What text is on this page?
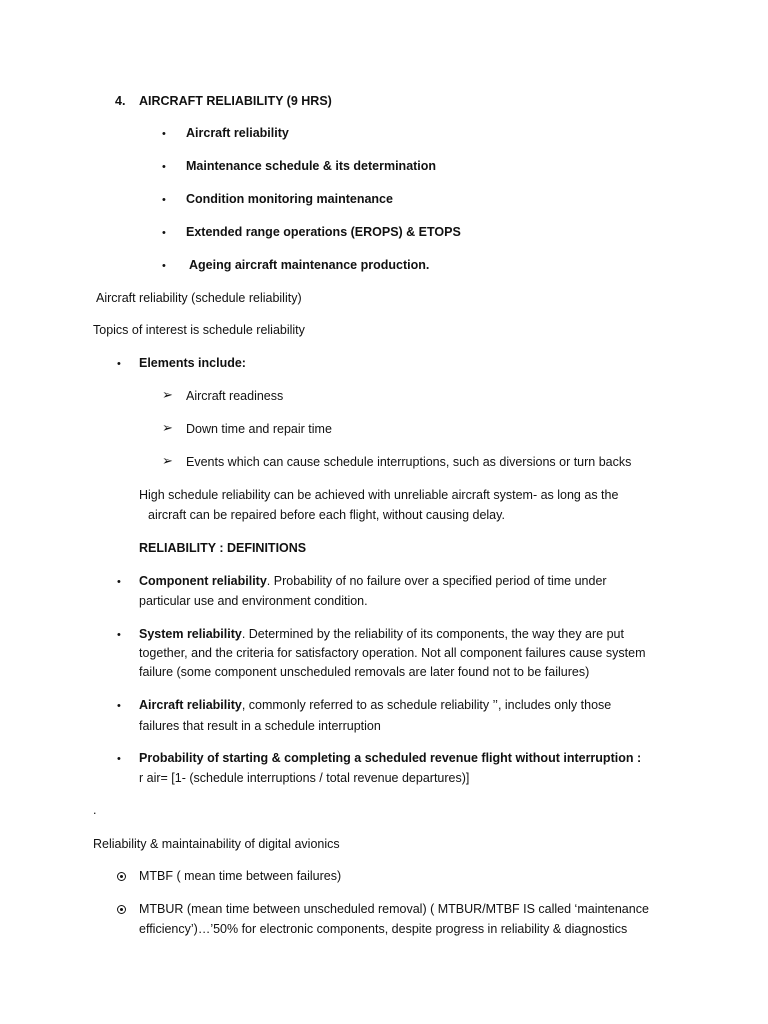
4. AIRCRAFT RELIABILITY (9 HRS)
• Aircraft reliability
• Maintenance schedule & its determination
• Condition monitoring maintenance
• Extended range operations (EROPS) & ETOPS
• Ageing aircraft maintenance production.
Aircraft reliability (schedule reliability)
Topics of interest is schedule reliability
• Elements include:
➢ Aircraft readiness
➢ Down time and repair time
➢ Events which can cause schedule interruptions, such as diversions or turn backs
High schedule reliability can be achieved with unreliable aircraft system- as long as the
aircraft can be repaired before each flight, without causing delay.
RELIABILITY : DEFINITIONS
• Component reliability. Probability of no failure over a specified period of time under
particular use and environment condition.
• System reliability. Determined by the reliability of its components, the way they are put
together, and the criteria for satisfactory operation. Not all component failures cause system
failure (some component unscheduled removals are later found not to be failures)
• Aircraft reliability, commonly referred to as schedule reliability ’’, includes only those
failures that result in a schedule interruption
• Probability of starting & completing a scheduled revenue flight without interruption :
r air= [1- (schedule interruptions / total revenue departures)]
.
Reliability & maintainability of digital avionics
MTBF ( mean time between failures)
MTBUR (mean time between unscheduled removal) ( MTBUR/MTBF IS called ‘maintenance
efficiency’)…’50% for electronic components, despite progress in reliability & diagnostics
